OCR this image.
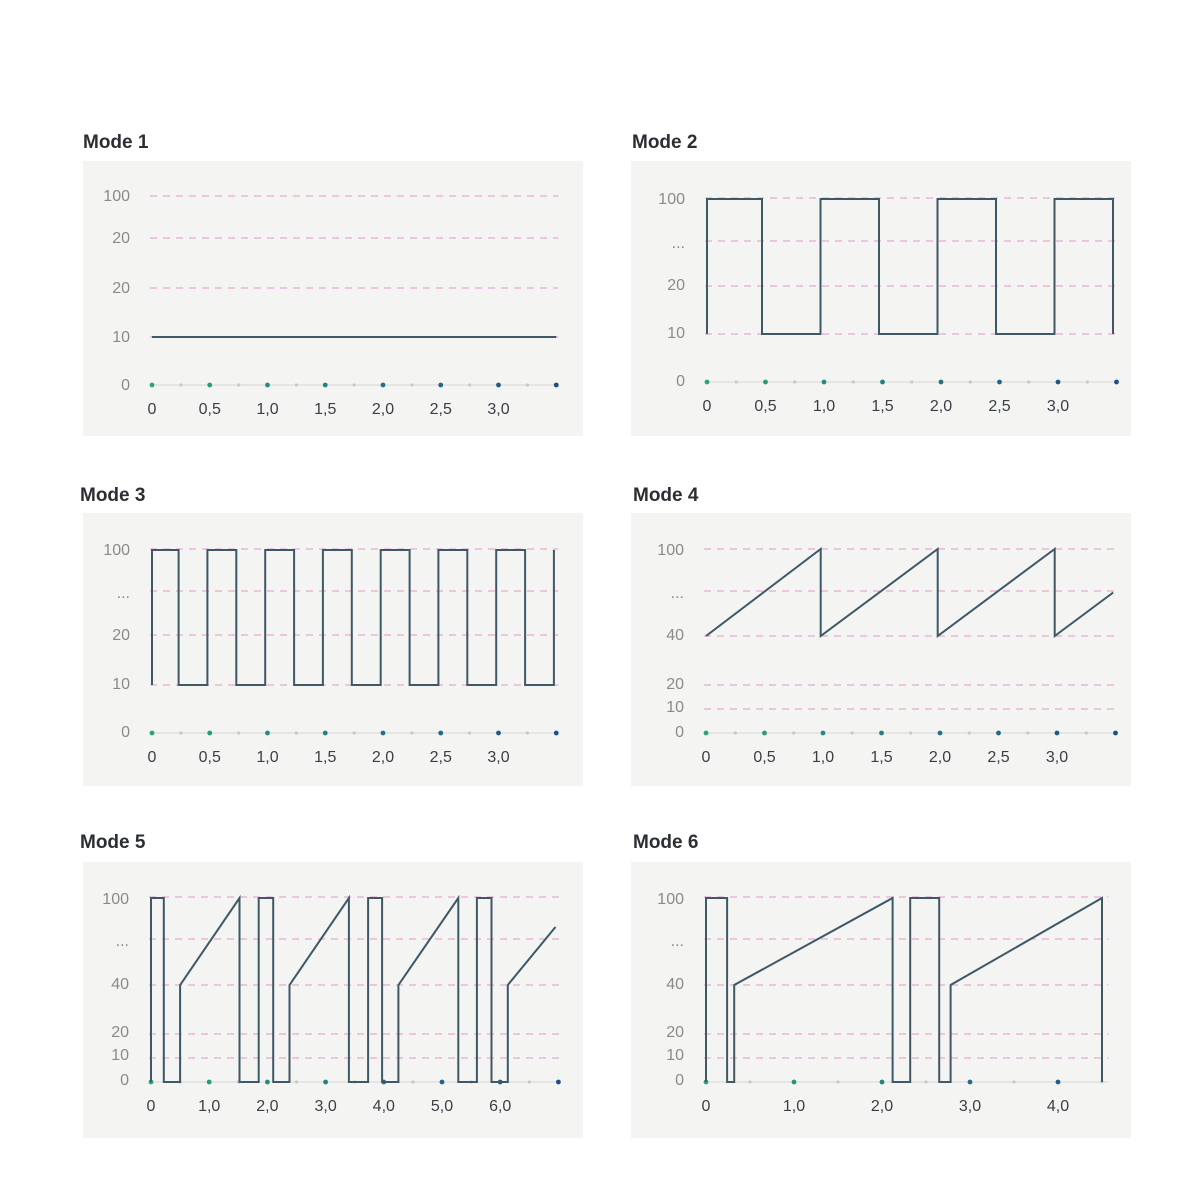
Mode 1
100
20
20
10
0
0	0,5 1,0 1,5 2,0 2,5 3,0
Mode 2
100
...
20
10
0
0	0,5 1,0 1,5 2,0 2,5 3,0
Mode 3
100
...
20
10
0
0	0,5 1,0 1,5 2,0 2,5 3,0
Mode 4
100
...
40
20
10
0
0	0,5 1,0 1,5 2,0 2,5 3,0
Mode 5
100
...
40
20
10
0
0	1,0 2,0 3,0 4,0 5,0 6,0
Mode 6
100
...
40
20
10
0
0	1,0	2,0	3,0	4,0
